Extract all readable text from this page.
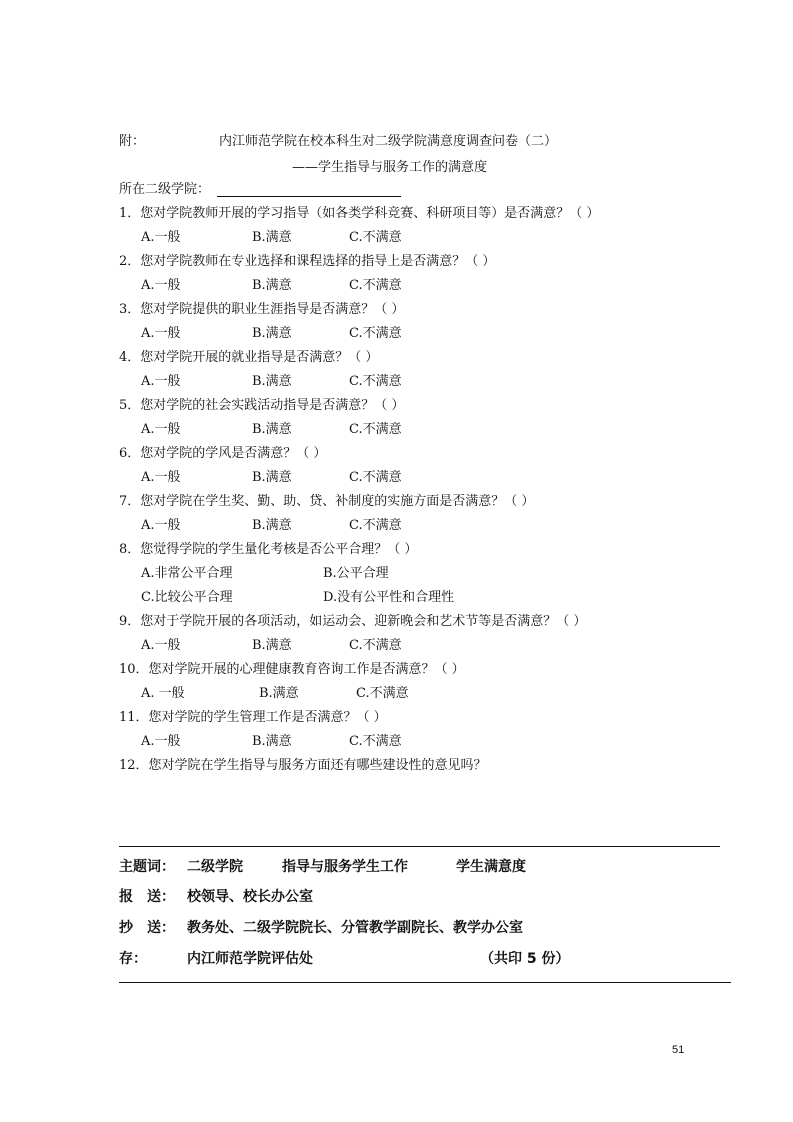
附：	内江师范学院在校本科生对二级学院满意度调查问卷（二）
——学生指导与服务工作的满意度
所在二级学院：
1．您对学院教师开展的学习指导（如各类学科竞赛、科研项目等）是否满意？（ ）
A.一般	B.满意	C.不满意
2．您对学院教师在专业选择和课程选择的指导上是否满意？（ ）
A.一般	B.满意	C.不满意
3．您对学院提供的职业生涯指导是否满意？（ ）
A.一般	B.满意	C.不满意
4．您对学院开展的就业指导是否满意？（ ）
A.一般	B.满意	C.不满意
5．您对学院的社会实践活动指导是否满意？（ ）
A.一般	B.满意	C.不满意
6．您对学院的学风是否满意？（ ）
A.一般	B.满意	C.不满意
7．您对学院在学生奖、勤、助、贷、补制度的实施方面是否满意？（ ）
A.一般	B.满意	C.不满意
8．您觉得学院的学生量化考核是否公平合理？（ ）
A.非常公平合理	B.公平合理
C.比较公平合理	D.没有公平性和合理性
9．您对于学院开展的各项活动，如运动会、迎新晚会和艺术节等是否满意？（ ）
A.一般	B.满意	C.不满意
10．您对学院开展的心理健康教育咨询工作是否满意？（ ）
A. 一般	B.满意	C.不满意
11．您对学院的学生管理工作是否满意？（ ）
A.一般	B.满意	C.不满意
12．您对学院在学生指导与服务方面还有哪些建设性的意见吗？
主题词： 二级学院	指导与服务学生工作	学生满意度
报　送： 校领导、校长办公室
抄　送： 教务处、二级学院院长、分管教学副院长、教学办公室
存：	内江师范学院评估处	（共印 5 份）
51
